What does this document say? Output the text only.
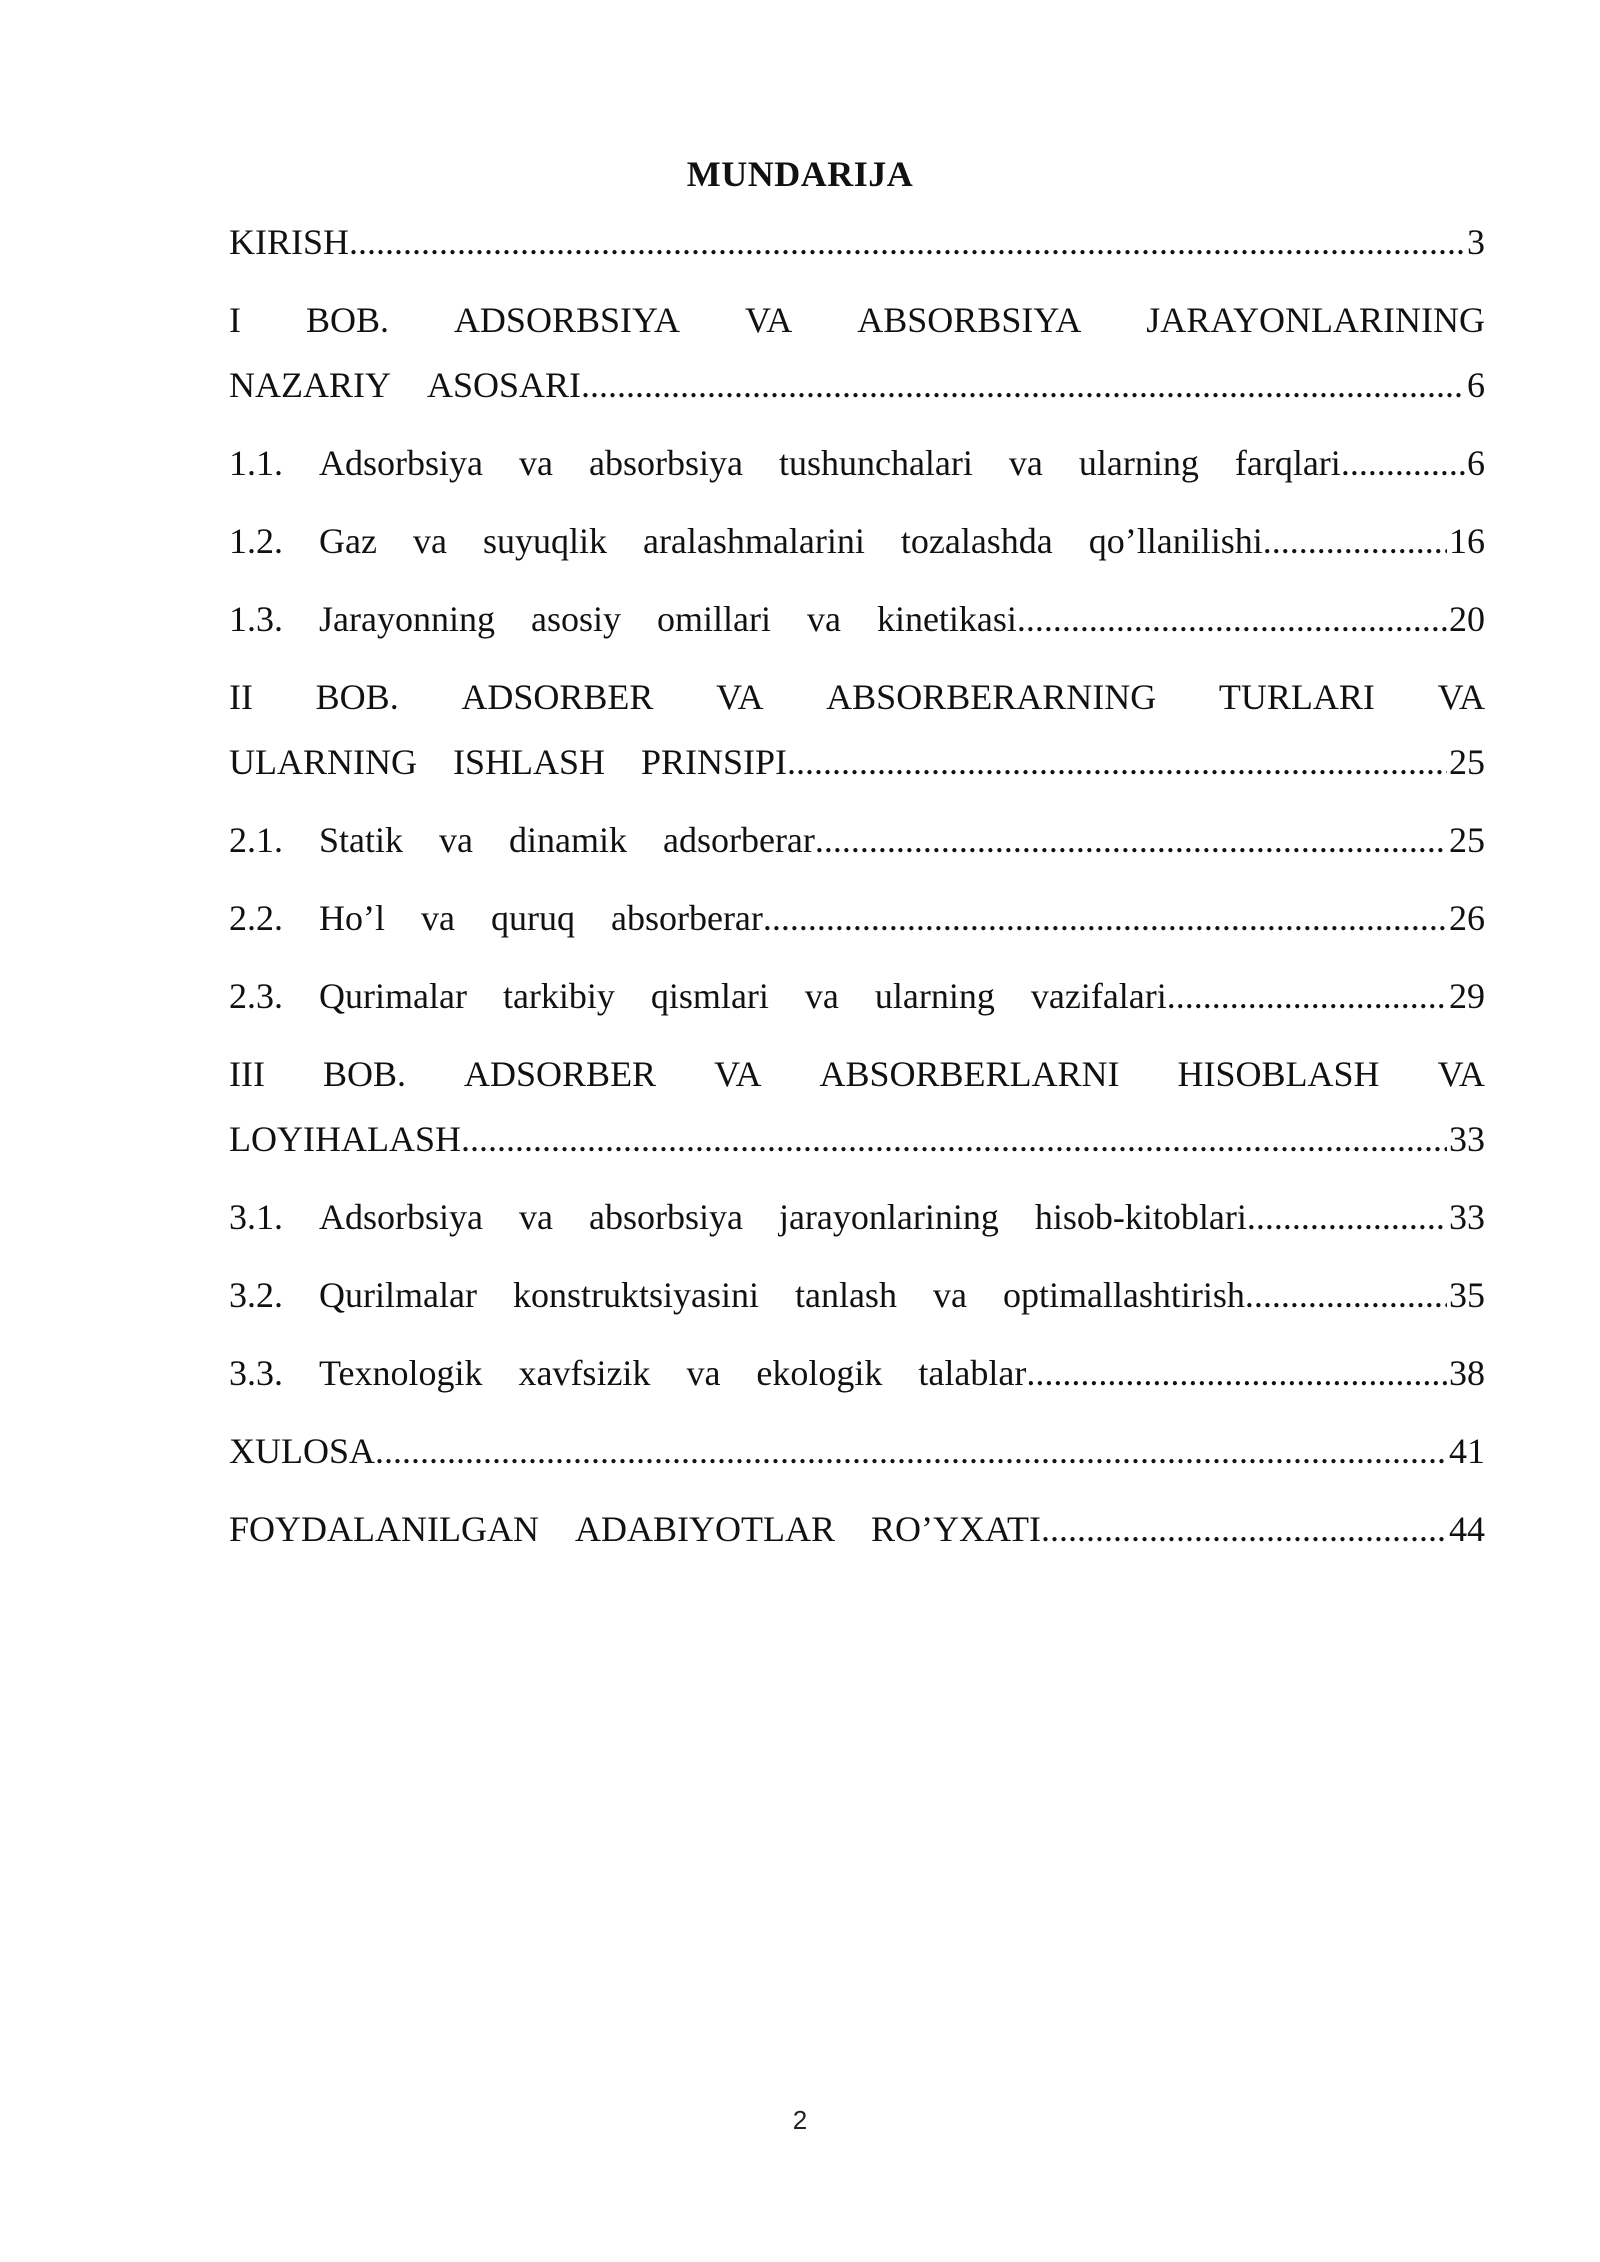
MUNDARIJA
KIRISH .....	3
I BOB. ADSORBSIYA VA ABSORBSIYA JARAYONLARINING
NAZARIY ASOSARI .....	6
1.1. Adsorbsiya va absorbsiya tushunchalari va ularning farqlari .....	6
1.2. Gaz va suyuqlik aralashmalarini tozalashda qo’llanilishi .....	16
1.3. Jarayonning asosiy omillari va kinetikasi .....	20
II BOB. ADSORBER VA ABSORBERARNING TURLARI VA
ULARNING ISHLASH PRINSIPI .....	25
2.1. Statik va dinamik adsorberar .....	25
2.2. Ho’l va quruq absorberar .....	26
2.3. Qurimalar tarkibiy qismlari va ularning vazifalari .....	29
III BOB. ADSORBER VA ABSORBERLARNI HISOBLASH VA
LOYIHALASH .....	33
3.1. Adsorbsiya va absorbsiya jarayonlarining hisob-kitoblari .....	33
3.2. Qurilmalar konstruktsiyasini tanlash va optimallashtirish .....	35
3.3. Texnologik xavfsizik va ekologik talablar .....	38
XULOSA .....	41
FOYDALANILGAN ADABIYOTLAR RO’YXATI .....	44
2
